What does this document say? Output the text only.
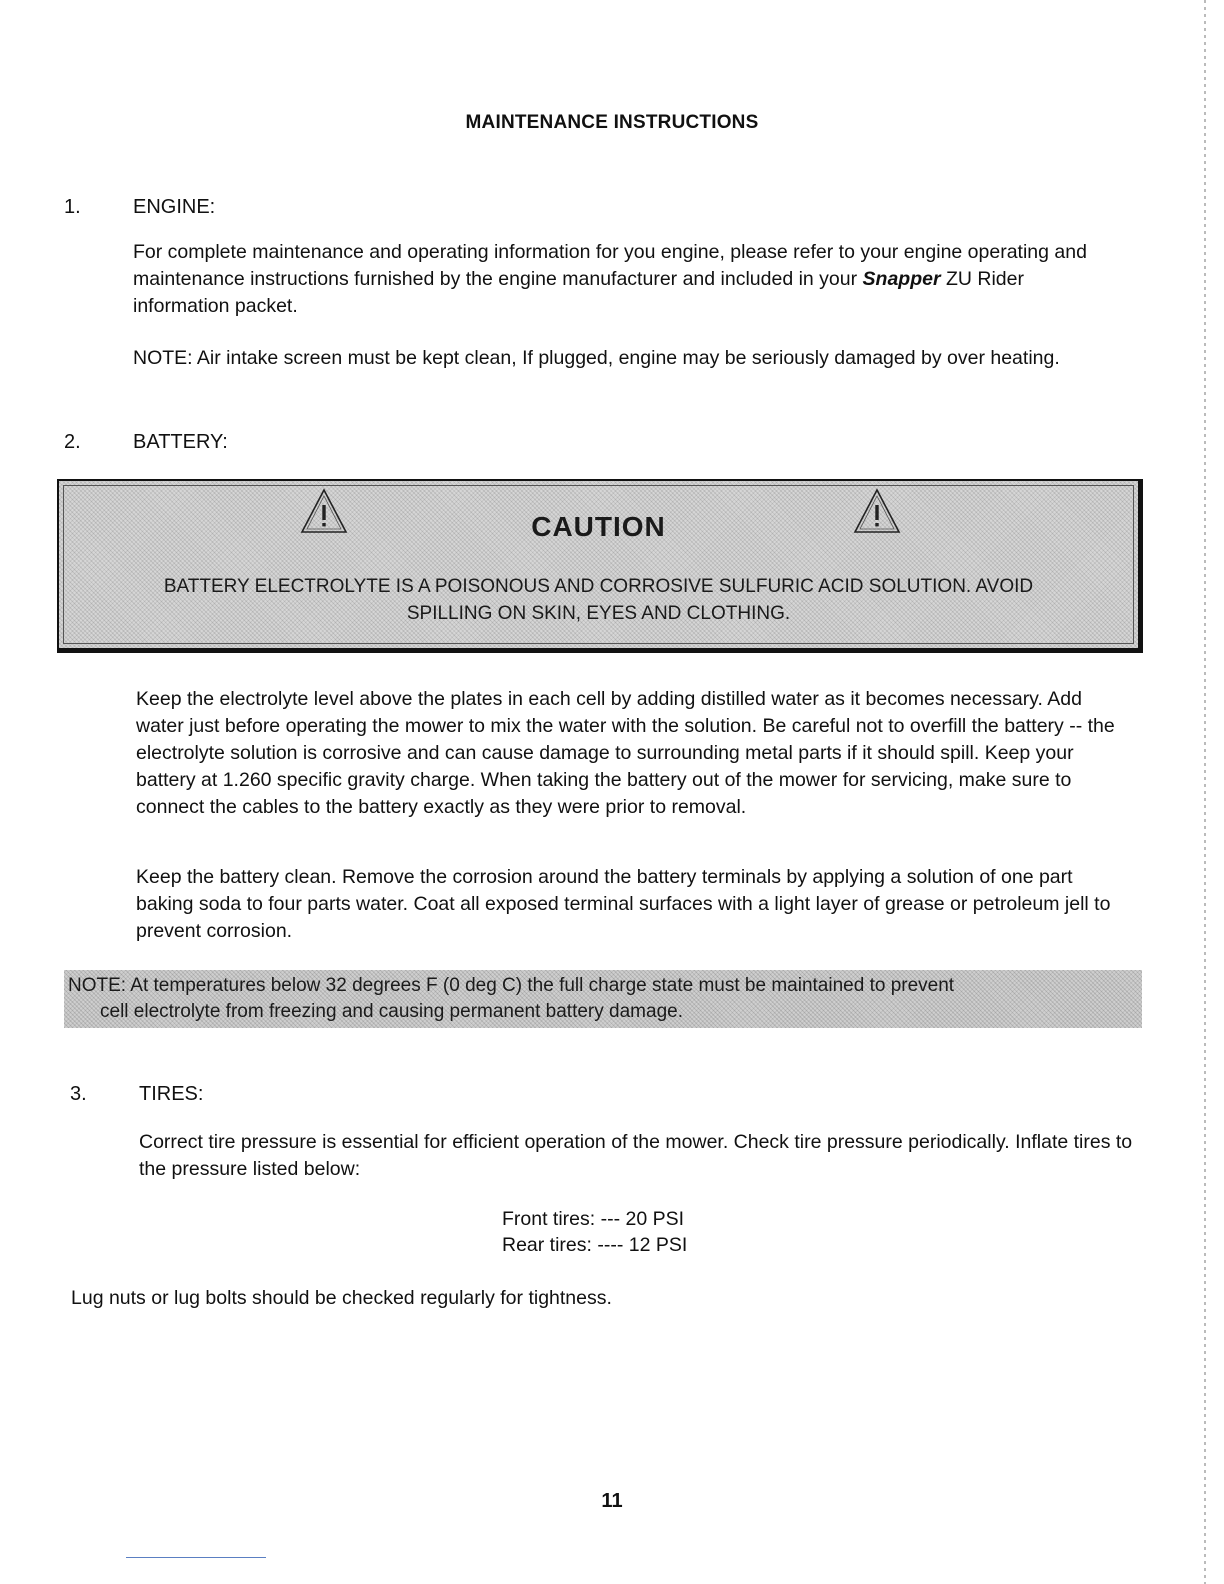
MAINTENANCE INSTRUCTIONS
1.	ENGINE:
For complete maintenance and operating information for you engine, please refer to your engine operating and maintenance instructions furnished by the engine manufacturer and included in your Snapper ZU Rider information packet.
NOTE: Air intake screen must be kept clean, If plugged, engine may be seriously damaged by over heating.
2.	BATTERY:
CAUTION
BATTERY ELECTROLYTE IS A POISONOUS AND CORROSIVE SULFURIC ACID SOLUTION. AVOID
SPILLING ON SKIN, EYES AND CLOTHING.
Keep the electrolyte level above the plates in each cell by adding distilled water as it becomes necessary. Add water just before operating the mower to mix the water with the solution. Be careful not to overfill the battery -- the electrolyte solution is corrosive and can cause damage to surrounding metal parts if it should spill. Keep your battery at 1.260 specific gravity charge. When taking the battery out of the mower for servicing, make sure to connect the cables to the battery exactly as they were prior to removal.
Keep the battery clean. Remove the corrosion around the battery terminals by applying a solution of one part baking soda to four parts water. Coat all exposed terminal surfaces with a light layer of grease or petroleum jell to prevent corrosion.
NOTE: At temperatures below 32 degrees F (0 deg C) the full charge state must be maintained to prevent
cell electrolyte from freezing and causing permanent battery damage.
3.	TIRES:
Correct tire pressure is essential for efficient operation of the mower. Check tire pressure periodically. Inflate tires to the pressure listed below:
Front tires: --- 20 PSI
Rear tires: ---- 12 PSI
Lug nuts or lug bolts should be checked regularly for tightness.
11
